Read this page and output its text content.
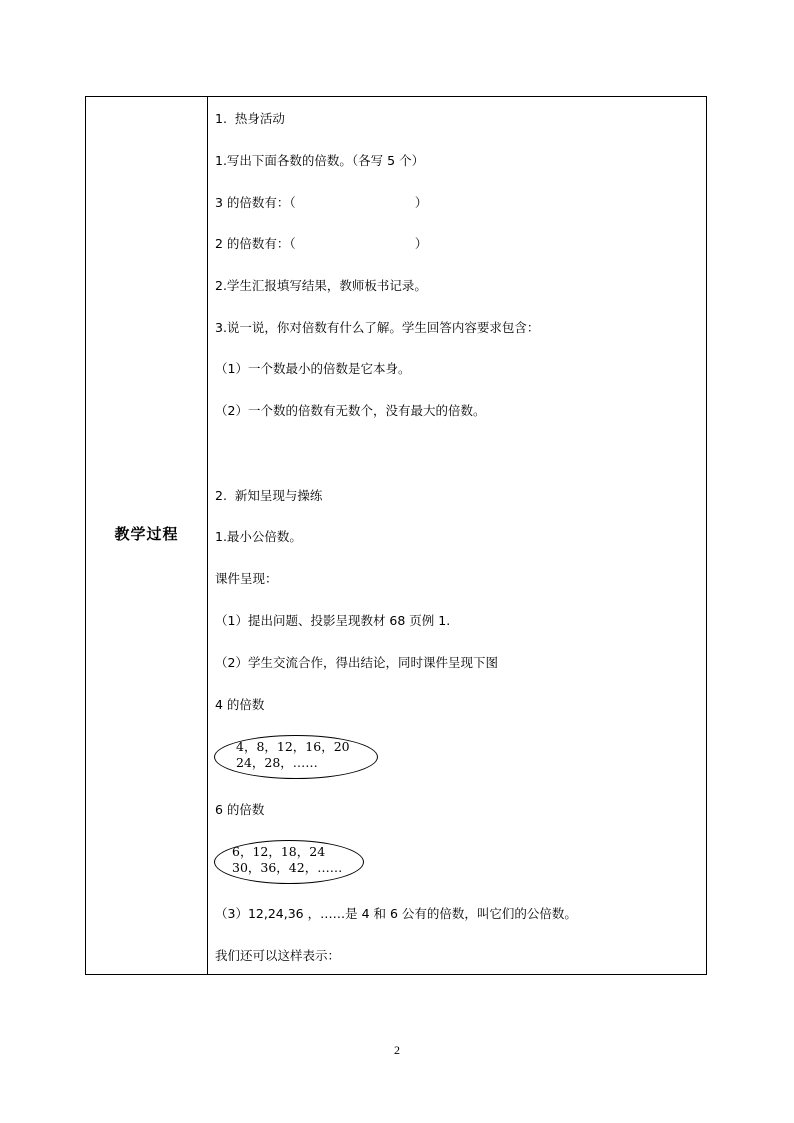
教学过程
1.  热身活动
1.写出下面各数的倍数。（各写 5 个）
3 的倍数有：（                              ）
2 的倍数有：（                              ）
2.学生汇报填写结果，教师板书记录。
3.说一说，你对倍数有什么了解。学生回答内容要求包含：
（1）一个数最小的倍数是它本身。
（2）一个数的倍数有无数个，没有最大的倍数。
2.  新知呈现与操练
1.最小公倍数。
课件呈现：
（1）提出问题、投影呈现教材 68 页例 1.
（2）学生交流合作，得出结论，同时课件呈现下图
4 的倍数
4，8，12，16，20
24，28，……
6 的倍数
6，12，18，24
30，36，42，……
（3）12,24,36 ，……是 4 和 6 公有的倍数，叫它们的公倍数。
我们还可以这样表示：
2
